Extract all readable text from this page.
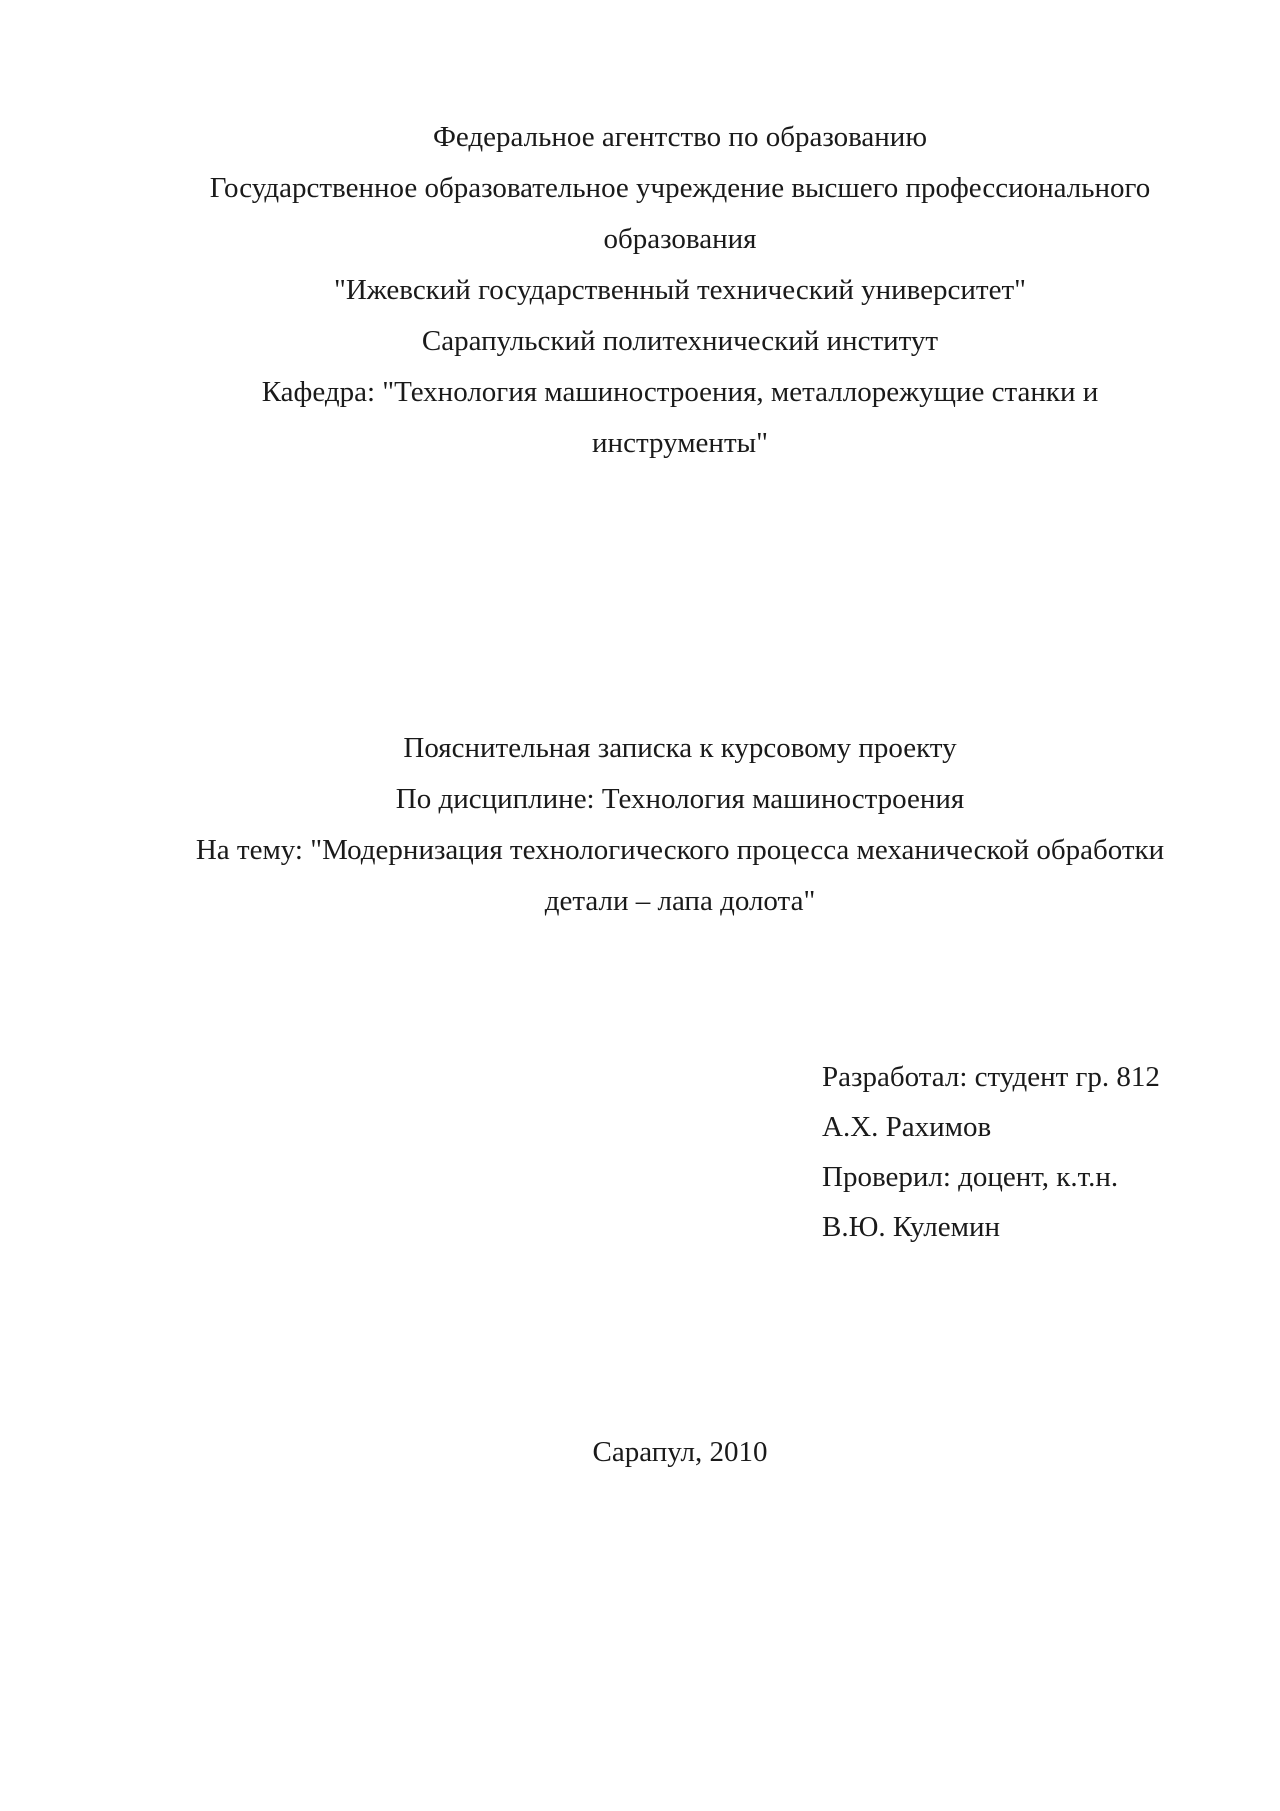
Федеральное агентство по образованию

Государственное образовательное учреждение высшего профессионального

образования

"Ижевский государственный технический университет"

Сарапульский политехнический институт

Кафедра: "Технология машиностроения, металлорежущие станки и

инструменты"

Пояснительная записка к курсовому проекту

По дисциплине: Технология машиностроения

На тему: "Модернизация технологического процесса механической обработки

детали – лапа долота"

Разработал: студент гр. 812

А.Х. Рахимов

Проверил: доцент, к.т.н.

В.Ю. Кулемин

Сарапул, 2010
